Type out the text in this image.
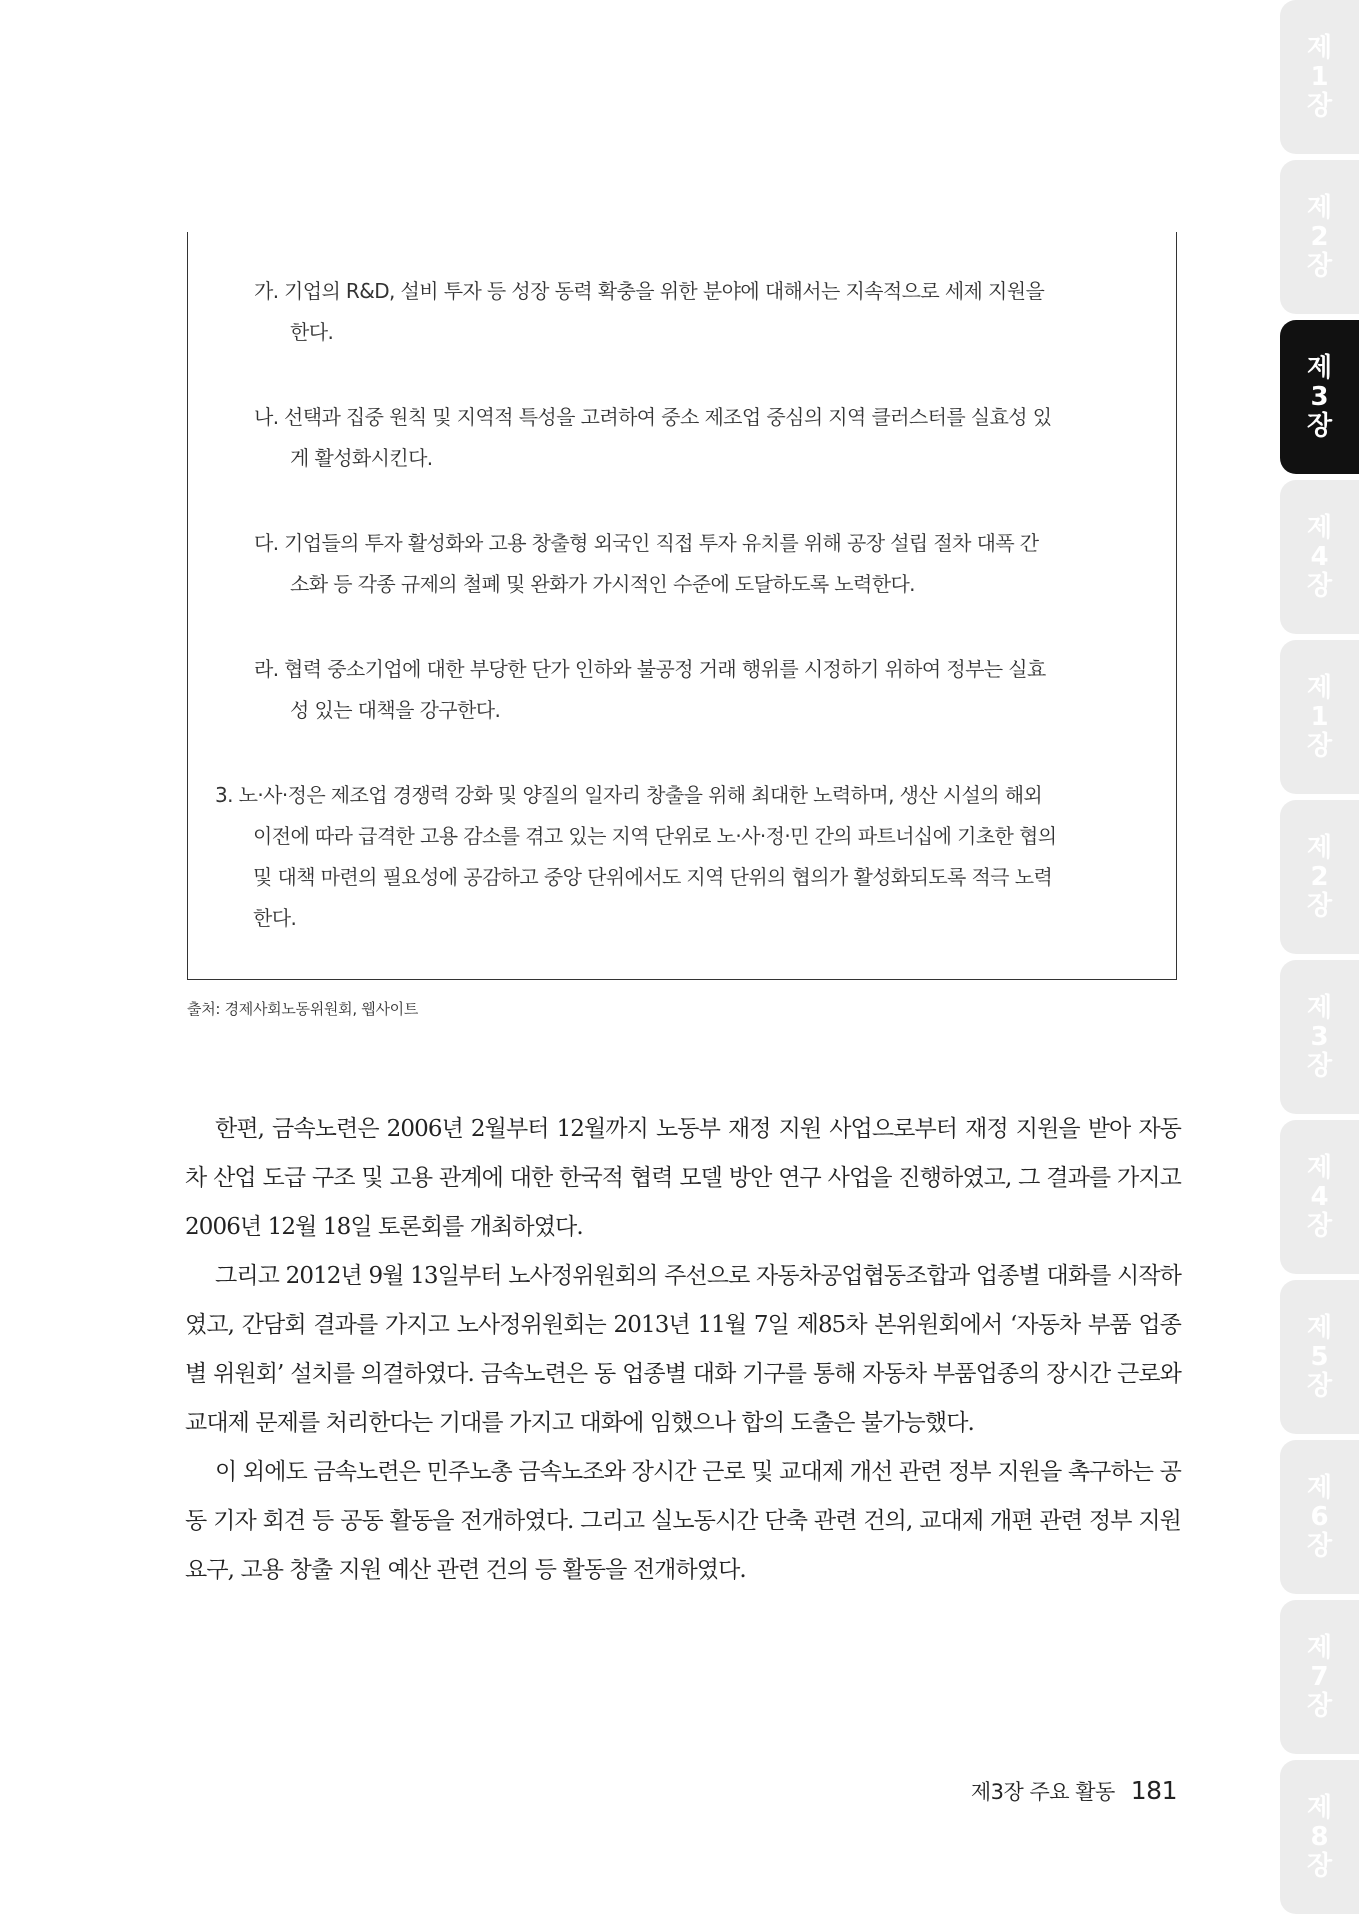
가. 기업의 R&D, 설비 투자 등 성장 동력 확충을 위한 분야에 대해서는 지속적으로 세제 지원을
한다.
나. 선택과 집중 원칙 및 지역적 특성을 고려하여 중소 제조업 중심의 지역 클러스터를 실효성 있
게 활성화시킨다.
다. 기업들의 투자 활성화와 고용 창출형 외국인 직접 투자 유치를 위해 공장 설립 절차 대폭 간
소화 등 각종 규제의 철폐 및 완화가 가시적인 수준에 도달하도록 노력한다.
라. 협력 중소기업에 대한 부당한 단가 인하와 불공정 거래 행위를 시정하기 위하여 정부는 실효
성 있는 대책을 강구한다.
3. 노·사·정은 제조업 경쟁력 강화 및 양질의 일자리 창출을 위해 최대한 노력하며, 생산 시설의 해외
이전에 따라 급격한 고용 감소를 겪고 있는 지역 단위로 노·사·정·민 간의 파트너십에 기초한 협의
및 대책 마련의 필요성에 공감하고 중앙 단위에서도 지역 단위의 협의가 활성화되도록 적극 노력
한다.
출처: 경제사회노동위원회, 웹사이트

한편, 금속노련은 2006년 2월부터 12월까지 노동부 재정 지원 사업으로부터 재정 지원을 받아 자동차 산업 도급 구조 및 고용 관계에 대한 한국적 협력 모델 방안 연구 사업을 진행하였고, 그 결과를 가지고 2006년 12월 18일 토론회를 개최하였다.

그리고 2012년 9월 13일부터 노사정위원회의 주선으로 자동차공업협동조합과 업종별 대화를 시작하였고, 간담회 결과를 가지고 노사정위원회는 2013년 11월 7일 제85차 본위원회에서 ‘자동차 부품 업종별 위원회’ 설치를 의결하였다. 금속노련은 동 업종별 대화 기구를 통해 자동차 부품업종의 장시간 근로와 교대제 문제를 처리한다는 기대를 가지고 대화에 임했으나 합의 도출은 불가능했다.

이 외에도 금속노련은 민주노총 금속노조와 장시간 근로 및 교대제 개선 관련 정부 지원을 촉구하는 공동 기자 회견 등 공동 활동을 전개하였다. 그리고 실노동시간 단축 관련 건의, 교대제 개편 관련 정부 지원 요구, 고용 창출 지원 예산 관련 건의 등 활동을 전개하였다.

제3장 주요 활동 181
제
1
장
제
2
장
제
3
장
제
4
장
제
1
장
제
2
장
제
3
장
제
4
장
제
5
장
제
6
장
제
7
장
제
8
장
